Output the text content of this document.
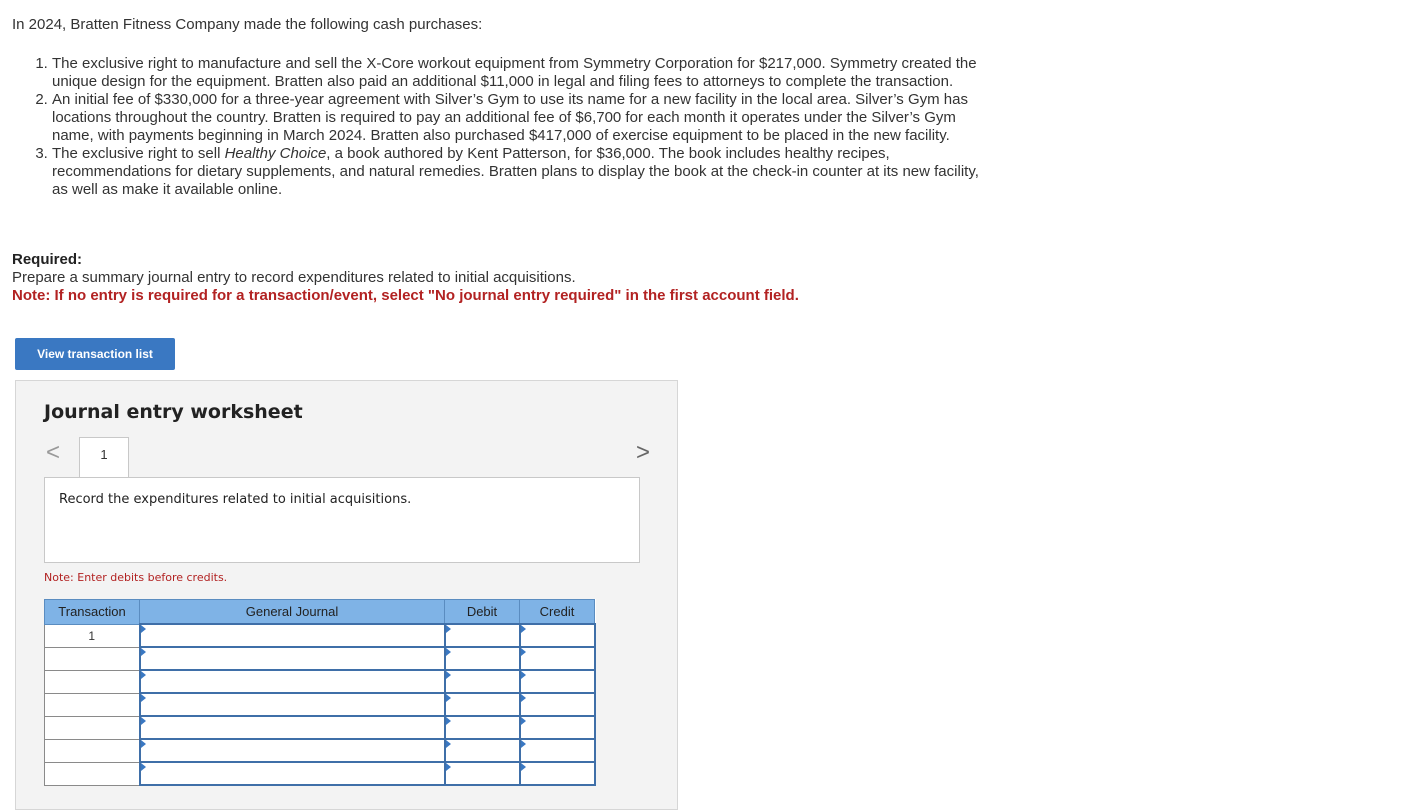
In 2024, Bratten Fitness Company made the following cash purchases:
1. The exclusive right to manufacture and sell the X-Core workout equipment from Symmetry Corporation for $217,000. Symmetry created the unique design for the equipment. Bratten also paid an additional $11,000 in legal and filing fees to attorneys to complete the transaction.
2. An initial fee of $330,000 for a three-year agreement with Silver’s Gym to use its name for a new facility in the local area. Silver’s Gym has locations throughout the country. Bratten is required to pay an additional fee of $6,700 for each month it operates under the Silver’s Gym name, with payments beginning in March 2024. Bratten also purchased $417,000 of exercise equipment to be placed in the new facility.
3. The exclusive right to sell Healthy Choice, a book authored by Kent Patterson, for $36,000. The book includes healthy recipes, recommendations for dietary supplements, and natural remedies. Bratten plans to display the book at the check-in counter at its new facility, as well as make it available online.
Required:
Prepare a summary journal entry to record expenditures related to initial acquisitions.
Note: If no entry is required for a transaction/event, select "No journal entry required" in the first account field.
View transaction list
Journal entry worksheet
<	1	>
Record the expenditures related to initial acquisitions.
Note: Enter debits before credits.
Transaction	General Journal	Debit	Credit
1	
